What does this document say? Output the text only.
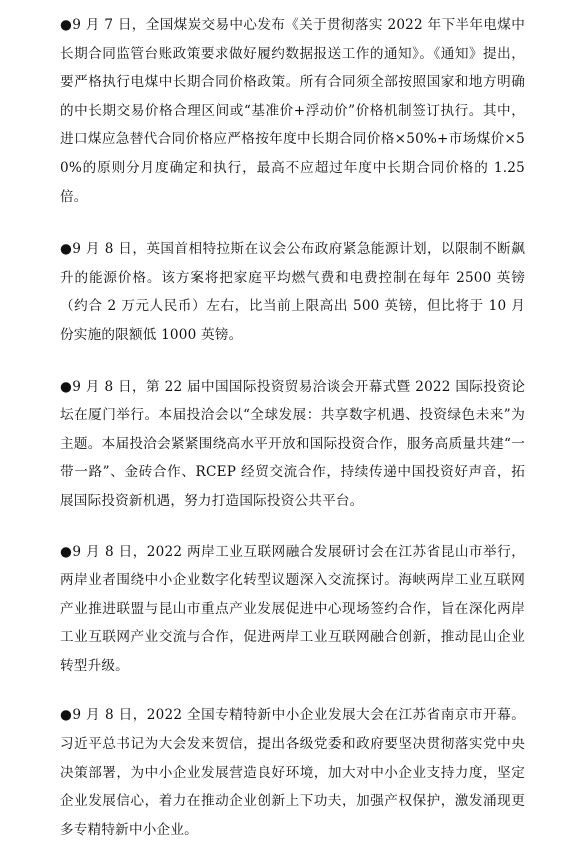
●9 月 7 日，全国煤炭交易中心发布《关于贯彻落实 2022 年下半年电煤中长期合同监管台账政策要求做好履约数据报送工作的通知》。《通知》提出，要严格执行电煤中长期合同价格政策。所有合同须全部按照国家和地方明确的中长期交易价格合理区间或“基准价+浮动价”价格机制签订执行。其中，进口煤应急替代合同价格应严格按年度中长期合同价格×50%+市场煤价×50%的原则分月度确定和执行，最高不应超过年度中长期合同价格的 1.25 倍。

●9 月 8 日，英国首相特拉斯在议会公布政府紧急能源计划，以限制不断飙升的能源价格。该方案将把家庭平均燃气费和电费控制在每年 2500 英镑（约合 2 万元人民币）左右，比当前上限高出 500 英镑，但比将于 10 月份实施的限额低 1000 英镑。

●9 月 8 日，第 22 届中国国际投资贸易洽谈会开幕式暨 2022 国际投资论坛在厦门举行。本届投洽会以“全球发展：共享数字机遇、投资绿色未来”为主题。本届投洽会紧紧围绕高水平开放和国际投资合作，服务高质量共建“一带一路”、金砖合作、RCEP 经贸交流合作，持续传递中国投资好声音，拓展国际投资新机遇，努力打造国际投资公共平台。

●9 月 8 日，2022 两岸工业互联网融合发展研讨会在江苏省昆山市举行，两岸业者围绕中小企业数字化转型议题深入交流探讨。海峡两岸工业互联网产业推进联盟与昆山市重点产业发展促进中心现场签约合作，旨在深化两岸工业互联网产业交流与合作，促进两岸工业互联网融合创新，推动昆山企业转型升级。

●9 月 8 日，2022 全国专精特新中小企业发展大会在江苏省南京市开幕。习近平总书记为大会发来贺信，提出各级党委和政府要坚决贯彻落实党中央决策部署，为中小企业发展营造良好环境，加大对中小企业支持力度，坚定企业发展信心，着力在推动企业创新上下功夫，加强产权保护，激发涌现更多专精特新中小企业。
